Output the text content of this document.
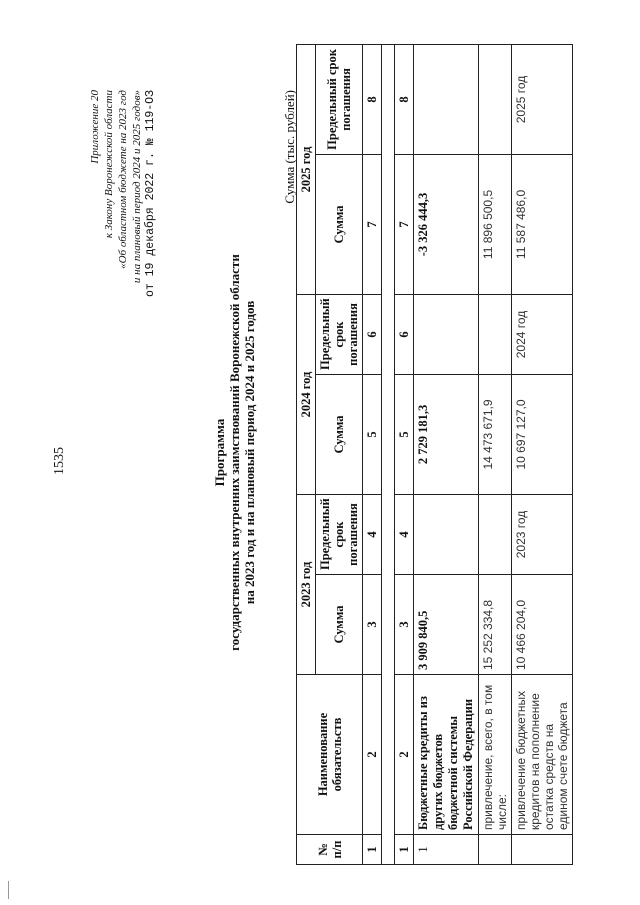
1535
Приложение 20 к Закону Воронежской области «Об областном бюджете на 2023 год и на плановый период 2024 и 2025 годов» от 19 декабря 2022 г. № 119-ОЗ
Программа государственных внутренних заимствований Воронежской области на 2023 год и на плановый период 2024 и 2025 годов
Сумма (тыс. рублей)
№ п/п	Наименование обязательств	2023 год		2024 год		2025 год	
		Сумма	Предельный срок погашения	Сумма	Предельный срок погашения	Сумма	Предельный срок погашения
1	2	3	4	5	6	7	8

1	2	3	4	5	6	7	8
1	Бюджетные кредиты из других бюджетов бюджетной системы Российской Федерации	3 909 840,5		2 729 181,3		-3 326 444,3	
	привлечение, всего, в том числе:	15 252 334,8		14 473 671,9		11 896 500,5	
	привлечение бюджетных кредитов на пополнение остатка средств на едином счете бюджета	10 466 204,0	2023 год	10 697 127,0	2024 год	11 587 486,0	2025 год
